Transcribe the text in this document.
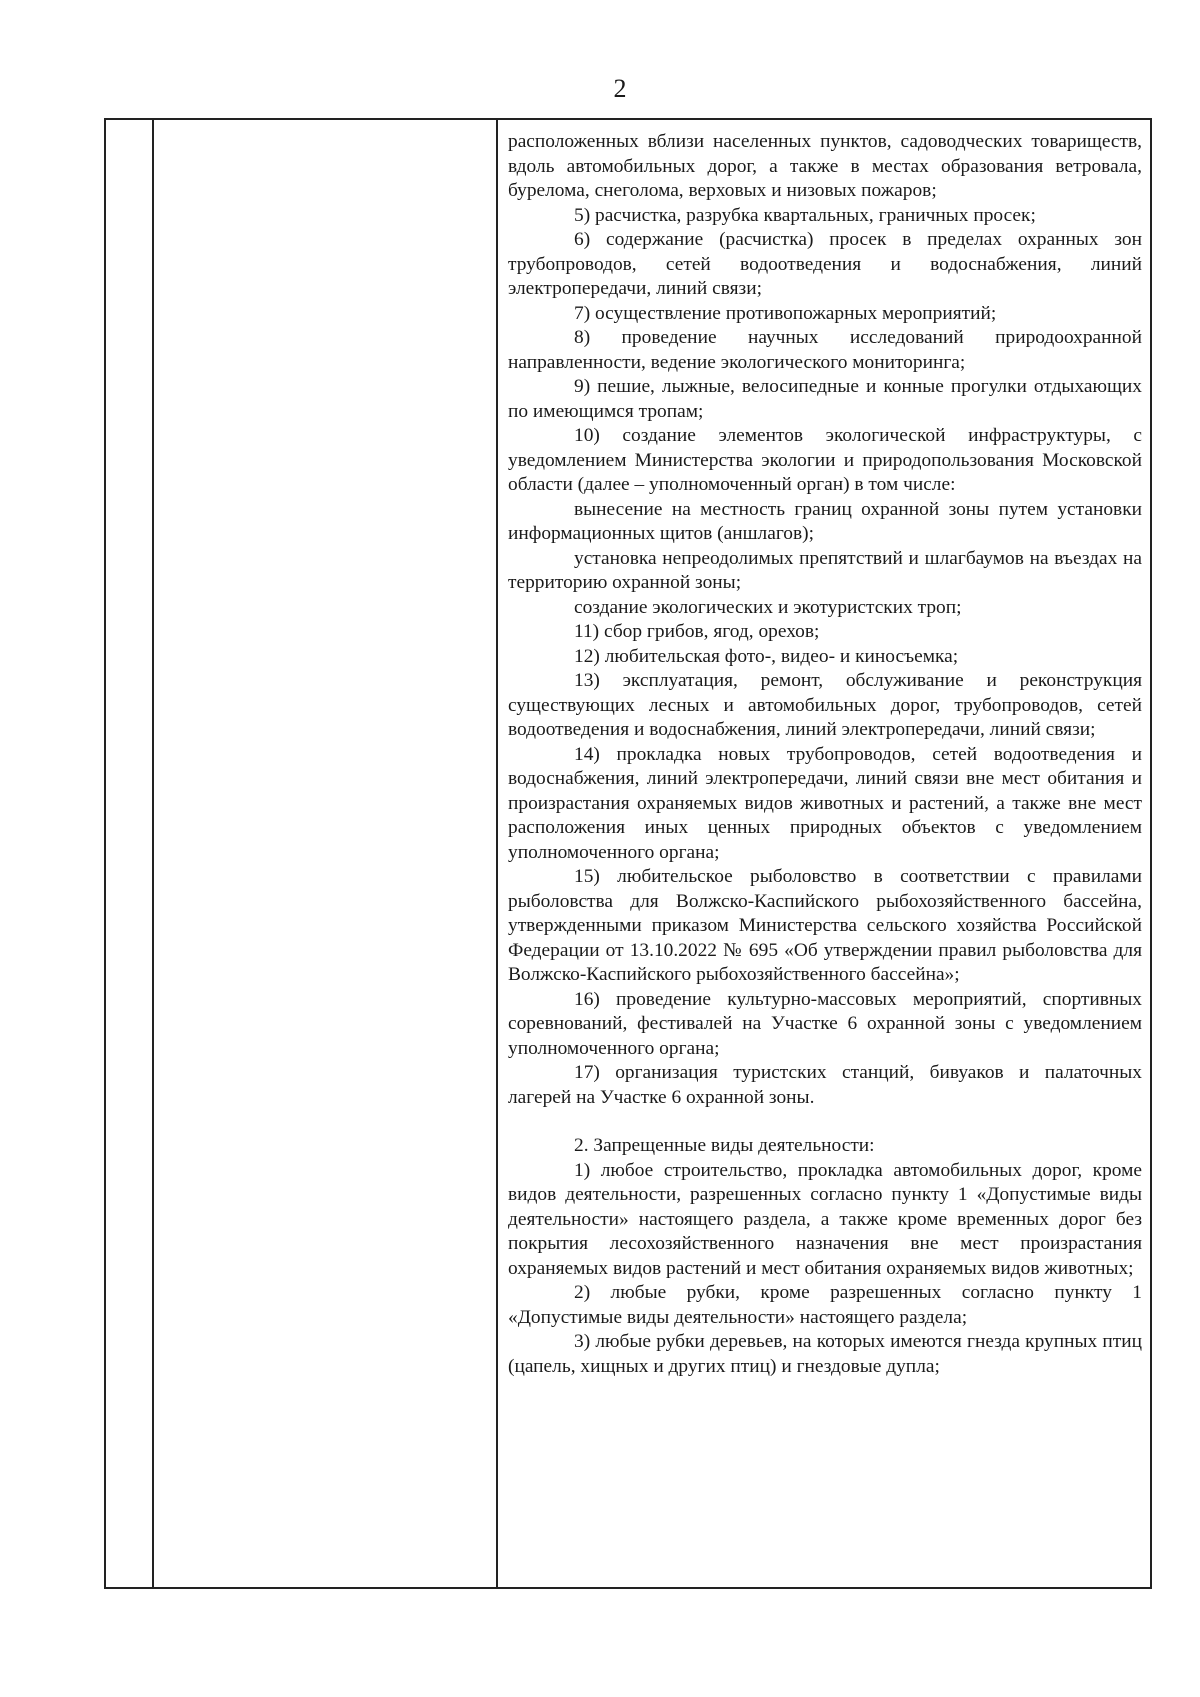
2

расположенных вблизи населенных пунктов, садоводческих товариществ, вдоль автомобильных дорог, а также в местах образования ветровала, бурелома, снеголома, верховых и низовых пожаров;

5) расчистка, разрубка квартальных, граничных просек;

6) содержание (расчистка) просек в пределах охранных зон трубопроводов, сетей водоотведения и водоснабжения, линий электропередачи, линий связи;

7) осуществление противопожарных мероприятий;

8) проведение научных исследований природоохранной направленности, ведение экологического мониторинга;

9) пешие, лыжные, велосипедные и конные прогулки отдыхающих по имеющимся тропам;

10) создание элементов экологической инфраструктуры, с уведомлением Министерства экологии и природопользования Московской области (далее – уполномоченный орган) в том числе:

вынесение на местность границ охранной зоны путем установки информационных щитов (аншлагов);

установка непреодолимых препятствий и шлагбаумов на въездах на территорию охранной зоны;

создание экологических и экотуристских троп;

11) сбор грибов, ягод, орехов;

12) любительская фото-, видео- и киносъемка;

13) эксплуатация, ремонт, обслуживание и реконструкция существующих лесных и автомобильных дорог, трубопроводов, сетей водоотведения и водоснабжения, линий электропередачи, линий связи;

14) прокладка новых трубопроводов, сетей водоотведения и водоснабжения, линий электропередачи, линий связи вне мест обитания и произрастания охраняемых видов животных и растений, а также вне мест расположения иных ценных природных объектов с уведомлением уполномоченного органа;

15) любительское рыболовство в соответствии с правилами рыболовства для Волжско-Каспийского рыбохозяйственного бассейна, утвержденными приказом Министерства сельского хозяйства Российской Федерации от 13.10.2022 № 695 «Об утверждении правил рыболовства для Волжско-Каспийского рыбохозяйственного бассейна»;

16) проведение культурно-массовых мероприятий, спортивных соревнований, фестивалей на Участке 6 охранной зоны с уведомлением уполномоченного органа;

17) организация туристских станций, бивуаков и палаточных лагерей на Участке 6 охранной зоны.

2. Запрещенные виды деятельности:

1) любое строительство, прокладка автомобильных дорог, кроме видов деятельности, разрешенных согласно пункту 1 «Допустимые виды деятельности» настоящего раздела, а также кроме временных дорог без покрытия лесохозяйственного назначения вне мест произрастания охраняемых видов растений и мест обитания охраняемых видов животных;

2) любые рубки, кроме разрешенных согласно пункту 1 «Допустимые виды деятельности» настоящего раздела;

3) любые рубки деревьев, на которых имеются гнезда крупных птиц (цапель, хищных и других птиц) и гнездовые дупла;
